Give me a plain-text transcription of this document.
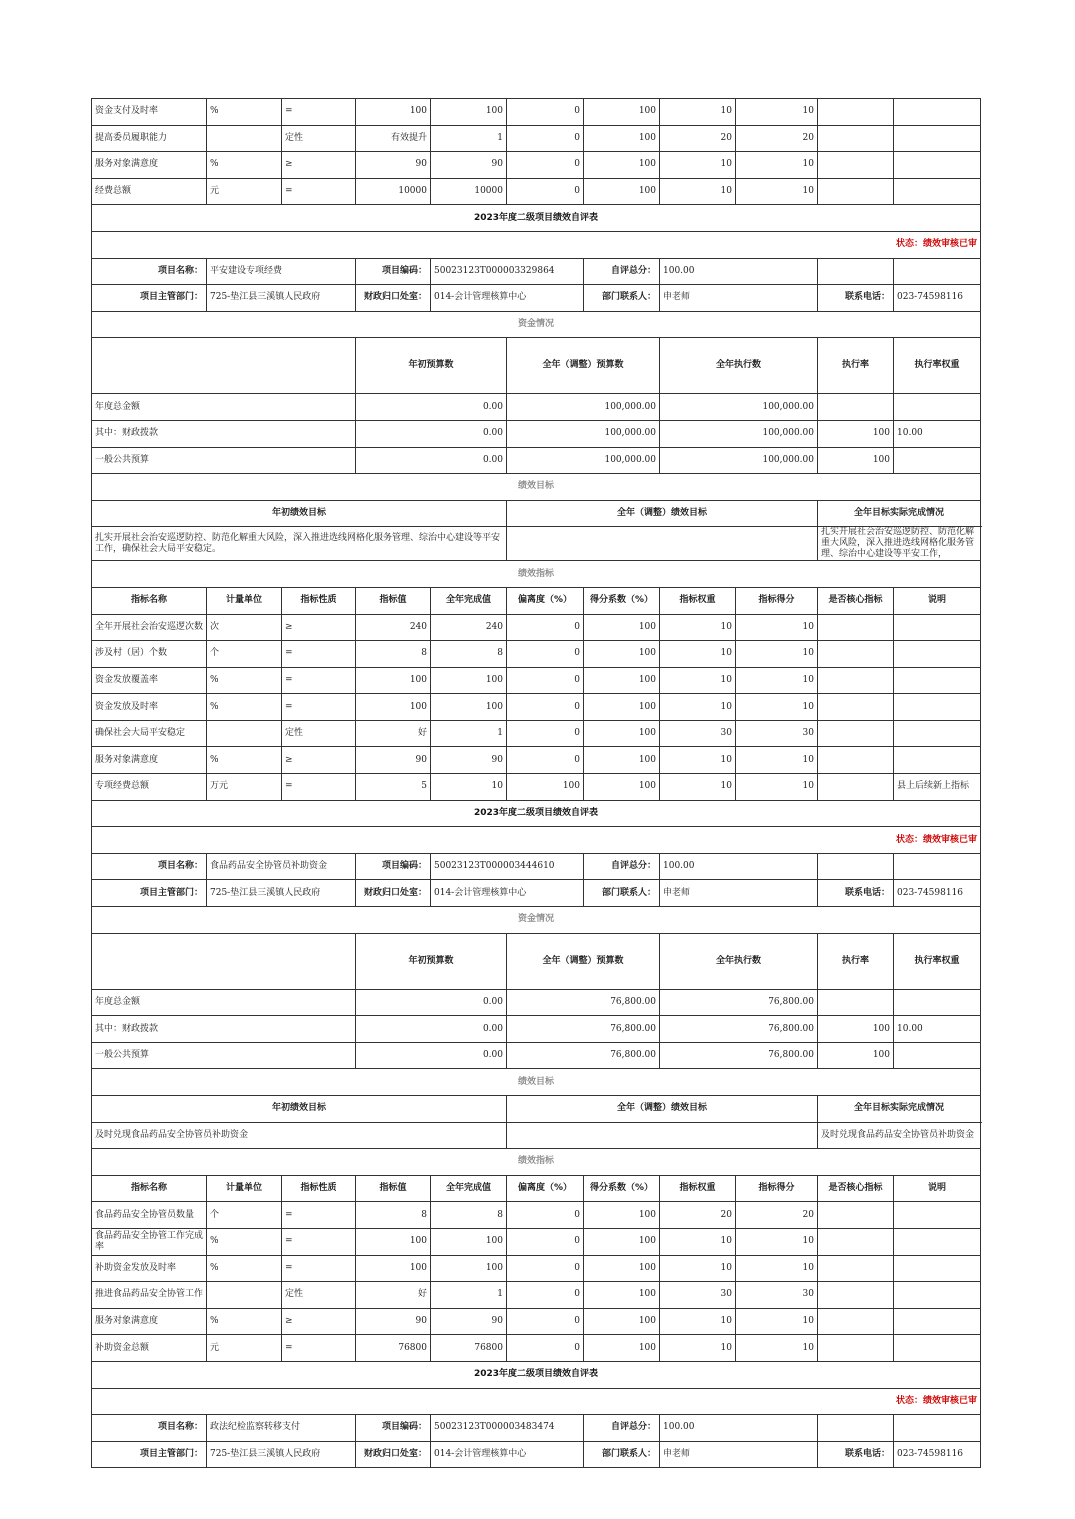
资金支付及时率	%	=	100	100	0	100	10	10			
提高委员履职能力		定性	有效提升	1	0	100	20	20			
服务对象满意度	%	≥	90	90	0	100	10	10			
经费总额	元	=	10000	10000	0	100	10	10			
2023年度二级项目绩效自评表											
状态：绩效审核已审											
项目名称：	平安建设专项经费		项目编码：	50023123T000003329864		自评总分：	100.00				
项目主管部门：	725-垫江县三溪镇人民政府		财政归口处室：	014-会计管理核算中心		部门联系人：	申老师		联系电话：	023-74598116	
资金情况											
			年初预算数		全年（调整）预算数		全年执行数		执行率	执行率权重	
年度总金额			0.00		100,000.00		100,000.00				
其中：财政拨款			0.00		100,000.00		100,000.00		100	10.00	
一般公共预算			0.00		100,000.00		100,000.00		100		
绩效目标											
年初绩效目标					全年（调整）绩效目标				全年目标实际完成情况		
扎实开展社会治安巡逻防控、防范化解重大风险，深入推进选线网格化服务管理、综治中心建设等平安工作，确保社会大局平安稳定。									扎实开展社会治安巡逻防控、防范化解重大风险，深入推进选线网格化服务管理、综治中心建设等平安工作，		
绩效指标											
指标名称	计量单位	指标性质	指标值	全年完成值	偏离度（%）	得分系数（%）	指标权重	指标得分	是否核心指标	说明	
全年开展社会治安巡逻次数	次	≥	240	240	0	100	10	10			
涉及村（居）个数	个	=	8	8	0	100	10	10			
资金发放覆盖率	%	=	100	100	0	100	10	10			
资金发放及时率	%	=	100	100	0	100	10	10			
确保社会大局平安稳定		定性	好	1	0	100	30	30			
服务对象满意度	%	≥	90	90	0	100	10	10			
专项经费总额	万元	=	5	10	100	100	10	10		县上后续新上指标	
2023年度二级项目绩效自评表											
状态：绩效审核已审											
项目名称：	食品药品安全协管员补助资金		项目编码：	50023123T000003444610		自评总分：	100.00				
项目主管部门：	725-垫江县三溪镇人民政府		财政归口处室：	014-会计管理核算中心		部门联系人：	申老师		联系电话：	023-74598116	
资金情况											
			年初预算数		全年（调整）预算数		全年执行数		执行率	执行率权重	
年度总金额			0.00		76,800.00		76,800.00				
其中：财政拨款			0.00		76,800.00		76,800.00		100	10.00	
一般公共预算			0.00		76,800.00		76,800.00		100		
绩效目标											
年初绩效目标					全年（调整）绩效目标				全年目标实际完成情况		
及时兑现食品药品安全协管员补助资金									及时兑现食品药品安全协管员补助资金		
绩效指标											
指标名称	计量单位	指标性质	指标值	全年完成值	偏离度（%）	得分系数（%）	指标权重	指标得分	是否核心指标	说明	
食品药品安全协管员数量	个	=	8	8	0	100	20	20			
食品药品安全协管工作完成率	%	=	100	100	0	100	10	10			
补助资金发放及时率	%	=	100	100	0	100	10	10			
推进食品药品安全协管工作		定性	好	1	0	100	30	30			
服务对象满意度	%	≥	90	90	0	100	10	10			
补助资金总额	元	=	76800	76800	0	100	10	10			
2023年度二级项目绩效自评表											
状态：绩效审核已审											
项目名称：	政法纪检监察转移支付		项目编码：	50023123T000003483474		自评总分：	100.00				
项目主管部门：	725-垫江县三溪镇人民政府		财政归口处室：	014-会计管理核算中心		部门联系人：	申老师		联系电话：	023-74598116	
